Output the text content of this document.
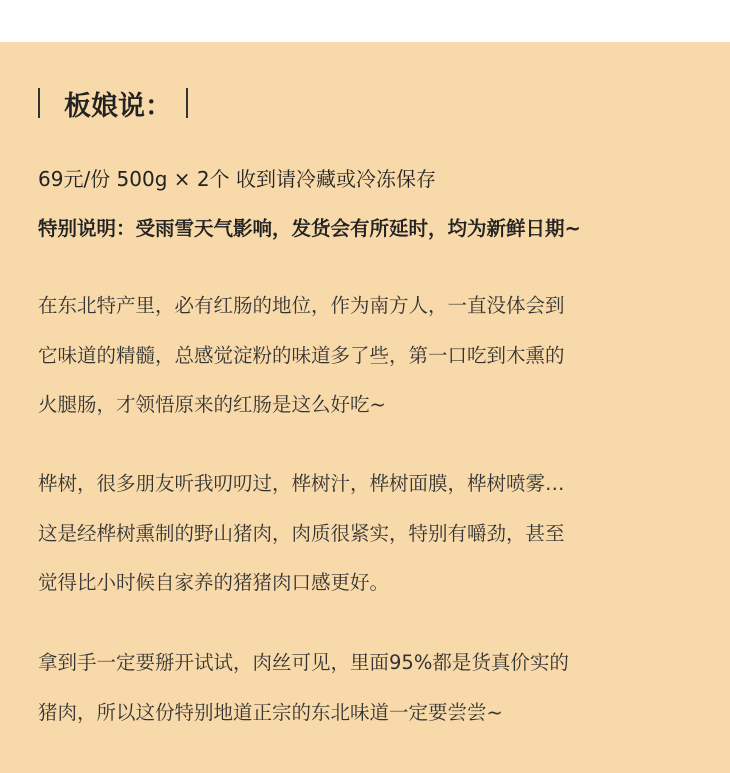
板娘说：
69元/份 500g × 2个 收到请冷藏或冷冻保存
特别说明：受雨雪天气影响，发货会有所延时，均为新鲜日期~
在东北特产里，必有红肠的地位，作为南方人，一直没体会到
它味道的精髓，总感觉淀粉的味道多了些，第一口吃到木熏的
火腿肠，才领悟原来的红肠是这么好吃~
桦树，很多朋友听我叨叨过，桦树汁，桦树面膜，桦树喷雾…
这是经桦树熏制的野山猪肉，肉质很紧实，特别有嚼劲，甚至
觉得比小时候自家养的猪猪肉口感更好。
拿到手一定要掰开试试，肉丝可见，里面95%都是货真价实的
猪肉，所以这份特别地道正宗的东北味道一定要尝尝~
